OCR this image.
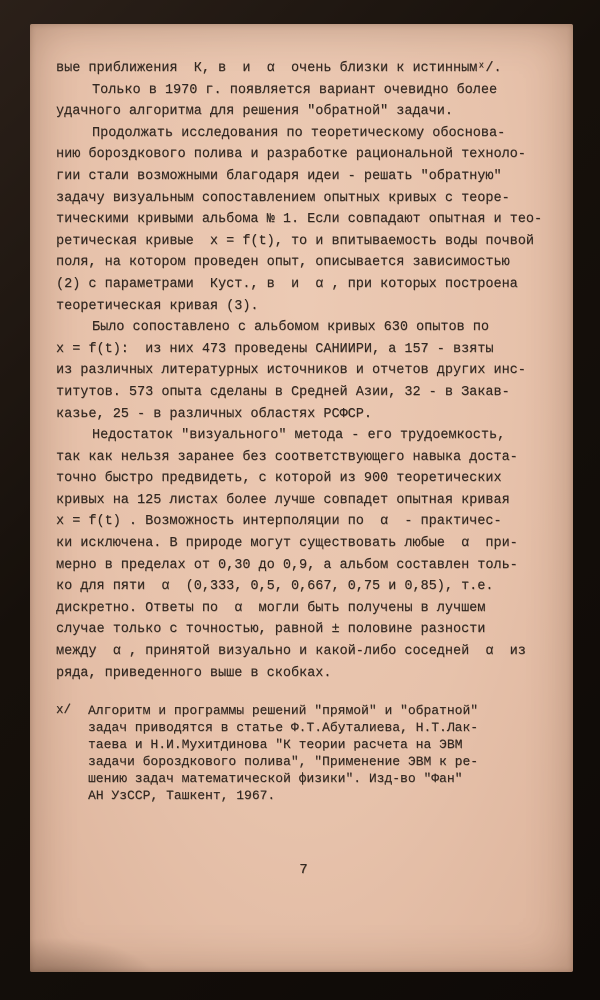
вые приближения  К, в  и  α  очень близки к истиннымˣ/.
Только в 1970 г. появляется вариант очевидно более
удачного алгоритма для решения "обратной" задачи.
Продолжать исследования по теоретическому обоснова-
нию бороздкового полива и разработке рациональной техноло-
гии стали возможными благодаря идеи - решать "обратную"
задачу визуальным сопоставлением опытных кривых с теоре-
тическими кривыми альбома № 1. Если совпадают опытная и тео-
ретическая кривые  x = f(t), то и впитываемость воды почвой
поля, на котором проведен опыт, описывается зависимостью
(2) с параметрами  Куст., в  и  α , при которых построена
теоретическая кривая (3).
Было сопоставлено с альбомом кривых 630 опытов по
x = f(t):  из них 473 проведены САНИИРИ, а 157 - взяты
из различных литературных источников и отчетов других инс-
титутов. 573 опыта сделаны в Средней Азии, 32 - в Закав-
казье, 25 - в различных областях РСФСР.
Недостаток "визуального" метода - его трудоемкость,
так как нельзя заранее без соответствующего навыка доста-
точно быстро предвидеть, с которой из 900 теоретических
кривых на 125 листах более лучше совпадет опытная кривая
x = f(t) . Возможность интерполяции по  α  - практичес-
ки исключена. В природе могут существовать любые  α  при-
мерно в пределах от 0,30 до 0,9, а альбом составлен толь-
ко для пяти  α  (0,333, 0,5, 0,667, 0,75 и 0,85), т.е.
дискретно. Ответы по  α  могли быть получены в лучшем
случае только с точностью, равной ± половине разности
между  α , принятой визуально и какой-либо соседней  α  из
ряда, приведенного выше в скобках.
х/	Алгоритм и программы решений "прямой" и "обратной"
задач приводятся в статье Ф.Т.Абуталиева, Н.Т.Лак-
таева и Н.И.Мухитдинова "К теории расчета на ЭВМ
задачи бороздкового полива", "Применение ЭВМ к ре-
шению задач математической физики". Изд-во "Фан"
АН УзССР, Ташкент, 1967.
7
